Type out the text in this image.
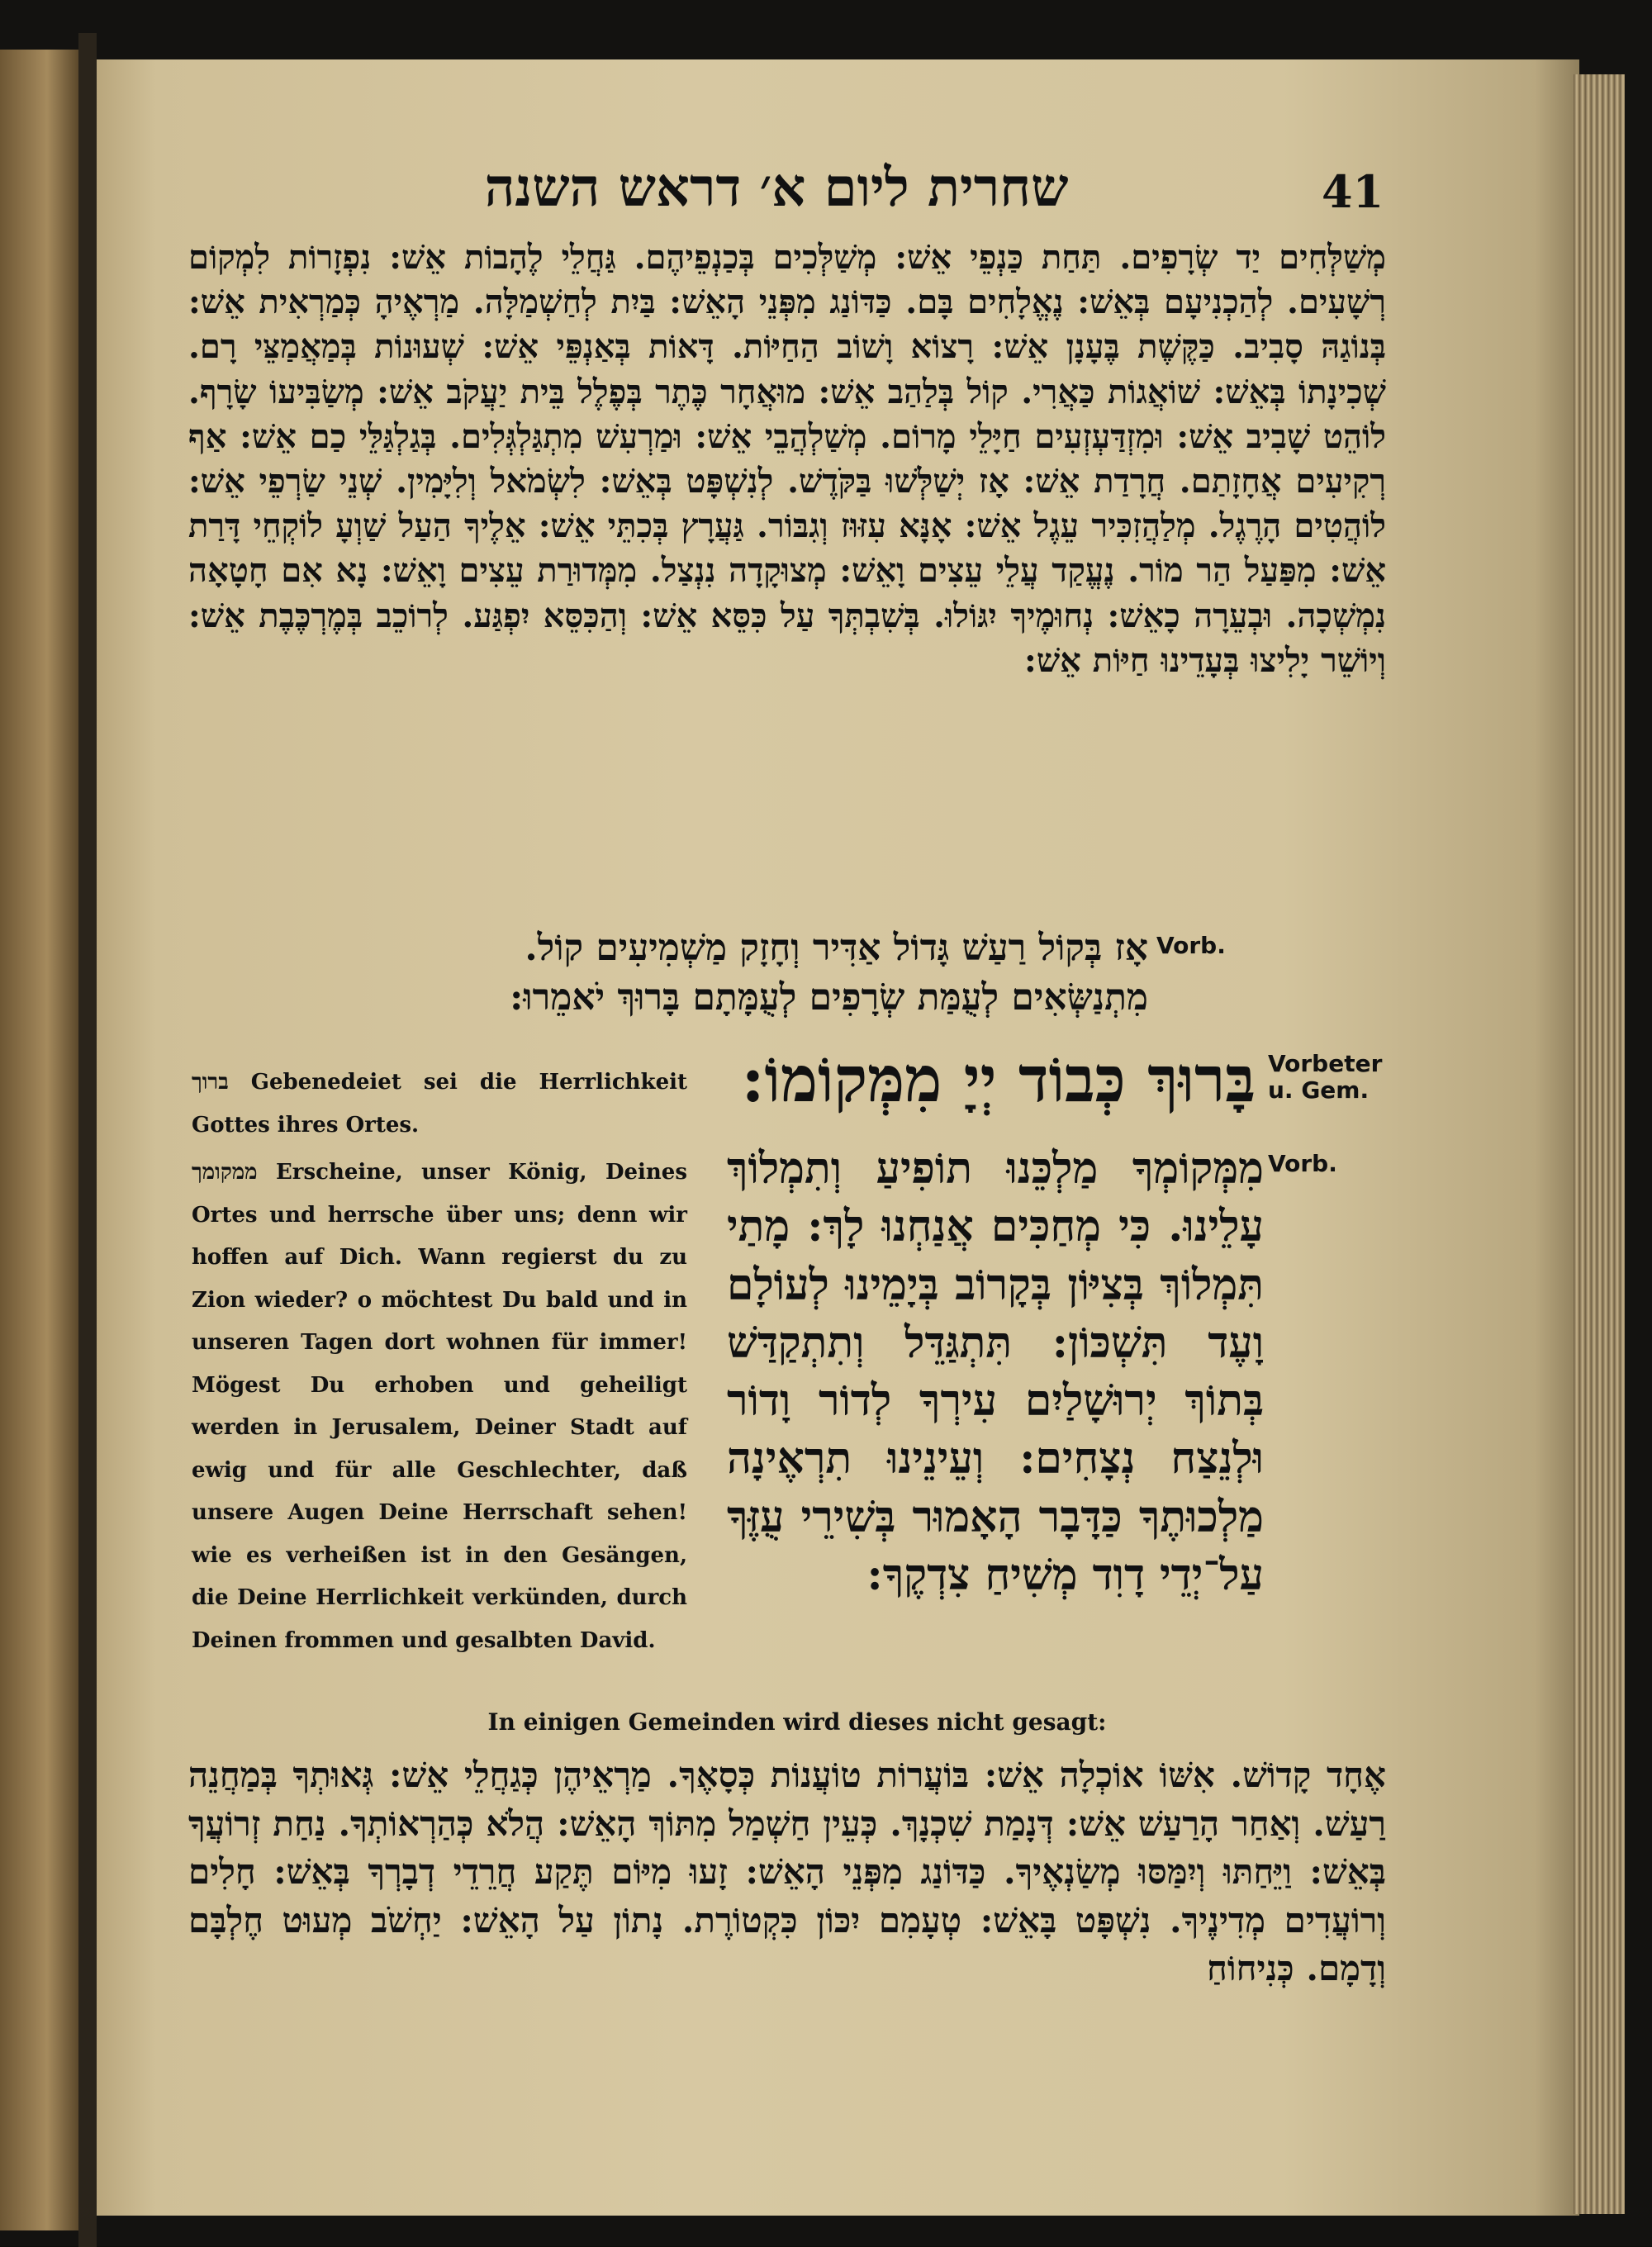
שחרית ליום א׳ דראש השנה	41
מְשַׁלְּחִים יַד שְׂרָפִים. תַּחַת כַּנְפֵי אֵשׁ: מְשַׁלְּכִים בְּכַנְפֵיהֶם. גַּחֲלֵי לֶהָבוֹת אֵשׁ: נִפְזָרוֹת לִמְקוֹם רְשָׁעִים. לְהַכְנִיעָם בְּאֵשׁ: נֶאֱלָחִים בָּם. כַּדּוֹנַג מִפְּנֵי הָאֵשׁ: בַּיִת לְחַשְׁמַלָּה. מַרְאֶיהָ כְּמַרְאִית אֵשׁ: בְּנוֹגַהּ סָבִיב. כַּקֶּשֶׁת בֶּעָנָן אֵשׁ: רָצוֹא וָשׁוֹב הַחַיּוֹת. דָּאוֹת בְּאַנְפֵּי אֵשׁ: שְׁעוּנוֹת בְּמַאֲמַצֵּי רָם. שְׁכִינָתוֹ בְּאֵשׁ: שׁוֹאֲגוֹת כַּאֲרִי. קוֹל בְּלַהַב אֵשׁ: מוּאֲחָר כֶּתֶר בְּפֶלֶל בֵּית יַעֲקֹב אֵשׁ: מְשַׂבִּיעוֹ שָׂרָף. לוֹהֵט שָׁבִיב אֵשׁ: וּמִזְדַּעְזְעִים חַיָּלֵי מָרוֹם. מְשַׁלְהֲבֵי אֵשׁ: וּמַרְעִשׁ מִתְגַּלְגְּלִים. בְּגַלְגַּלֵּי כַם אֵשׁ: אַף רְקִיעִים אֲחָזָתַם. חֲרָדַת אֵשׁ: אָז יְשַׁלְּשׁוּ בַּקֹּדֶשׁ. לְנִשְׁפָּט בְּאֵשׁ: לִשְׂמֹאל וְלִיָּמִין. שְׁנֵי שַׂרְפֵי אֵשׁ: לוֹהֲטִים הָרֶגֶל. מְלַהֲזִכִּיר עֵגֶל אֵשׁ: אָנָּא עִזּוּז וְגִבּוֹר. גַּעֲרָץ בְּכִתֵּי אֵשׁ: אֵלֶיךָ הַעַל שַׁוְעָ לוֹקְחֵי דָּרַת אֵשׁ: מִפַּעַל הַר מוֹר. נֶעֱקַד עֲלֵי עֵצִים וָאֵשׁ: מְצוּקָדָה נִנְצַל. מִמְּדוּרַת עֵצִים וָאֵשׁ: נָא אִם חָטָאָה נִמְשְׁכָה. וּבְעֵרָה כָאֵשׁ: נְחוּמֶיךָ יִגּוֹלוּ. בְּשִׁבְתְּךָ עַל כִּסֵּא אֵשׁ: וְהַכִּסֵּא יִפְגַּע. לְרוֹכֵב בְּמֶרְכֶּבֶת אֵשׁ: וְיוֹשֵׁר יָלִיצוּ בְּעָדֵינוּ חַיּוֹת אֵשׁ:
Vorb.
אָז בְּקוֹל רַעַשׁ גָּדוֹל אַדִּיר וְחָזָק מַשְׁמִיעִים קוֹל.
מִתְנַשְּׂאִים לְעֻמַּת שְׂרָפִים לְעֻמָּתָם בָּרוּךְ יֹאמֵרוּ:
Vorbeter
u. Gem.
בָּרוּךְ כְּבוֹד יְיָ מִמְּקוֹמוֹ:
Vorb.
מִמְּקוֹמְךָ מַלְכֵּנוּ תוֹפִיעַ וְתִמְלוֹךְ עָלֵינוּ. כִּי מְחַכִּים אֲנַחְנוּ לָךְ: מָתַי תִּמְלוֹךְ בְּצִיּוֹן בְּקָרוֹב בְּיָמֵינוּ לְעוֹלָם וָעֶד תִּשְׁכּוֹן: תִּתְגַּדֵּל וְתִתְקַדַּשׁ בְּתוֹךְ יְרוּשָׁלַיִם עִירְךָ לְדוֹר וָדוֹר וּלְנֵצַח נְצָחִים: וְעֵינֵינוּ תִרְאֶינָה מַלְכוּתֶךָ כַּדָּבָר הָאָמוּר בְּשִׁירֵי עֻזֶּךָ עַל־יְדֵי דָוִד מְשִׁיחַ צִדְקֶךָ:

ברוך Gebenedeiet sei die Herrlichkeit Gottes ihres Ortes.

ממקומך Erscheine, unser König, Deines Ortes und herrsche über uns; denn wir hoffen auf Dich. Wann regierst du zu Zion wieder? o möchtest Du bald und in unseren Tagen dort wohnen für immer! Mögest Du erhoben und geheiligt werden in Jerusalem, Deiner Stadt auf ewig und für alle Geschlechter, daß unsere Augen Deine Herrschaft sehen! wie es verheißen ist in den Gesängen, die Deine Herrlichkeit verkünden, durch Deinen frommen und gesalbten David.

In einigen Gemeinden wird dieses nicht gesagt:
אֶחָד קָדוֹשׁ. אִשּׁוֹ אוֹכְלָה אֵשׁ: בּוֹעֲרוֹת טוֹעֲנוֹת כְּסָאֶךָ. מַרְאֵיהֶן כְּגַחֲלֵי אֵשׁ: גְּאוּתְךָ בְּמַחֲנֵה רַעַשׁ. וְאַחַר הָרַעַשׁ אֵשׁ: דְּנָמַת שִׁכְנָךְ. כְּעֵין חַשְׁמַל מִתּוֹךְ הָאֵשׁ: הֲלֹא כְּהַרְאוֹתְךָ. נַחַת זְרוֹעֲךָ בְּאֵשׁ: וַיֵּחַתּוּ וְיִמַּסּוּ מְשַׂנְאֶיךָ. כַּדּוֹנַג מִפְּנֵי הָאֵשׁ: זָעוּ מִיּוֹם תֶּקַע חֲרֵדֵי דְבָרְךָ בְּאֵשׁ: חָלִים וְרוֹעֲדִים מְדִינֶיךָ. נִשְׁפָּט בָּאֵשׁ: טְעָמִם יִכּוֹן כִּקְטוֹרֶת. נָתוֹן עַל הָאֵשׁ: יַחְשֹׁב מְעוּט חֶלְבָּם וְדָמָם. כְּנִיחוֹחַ
